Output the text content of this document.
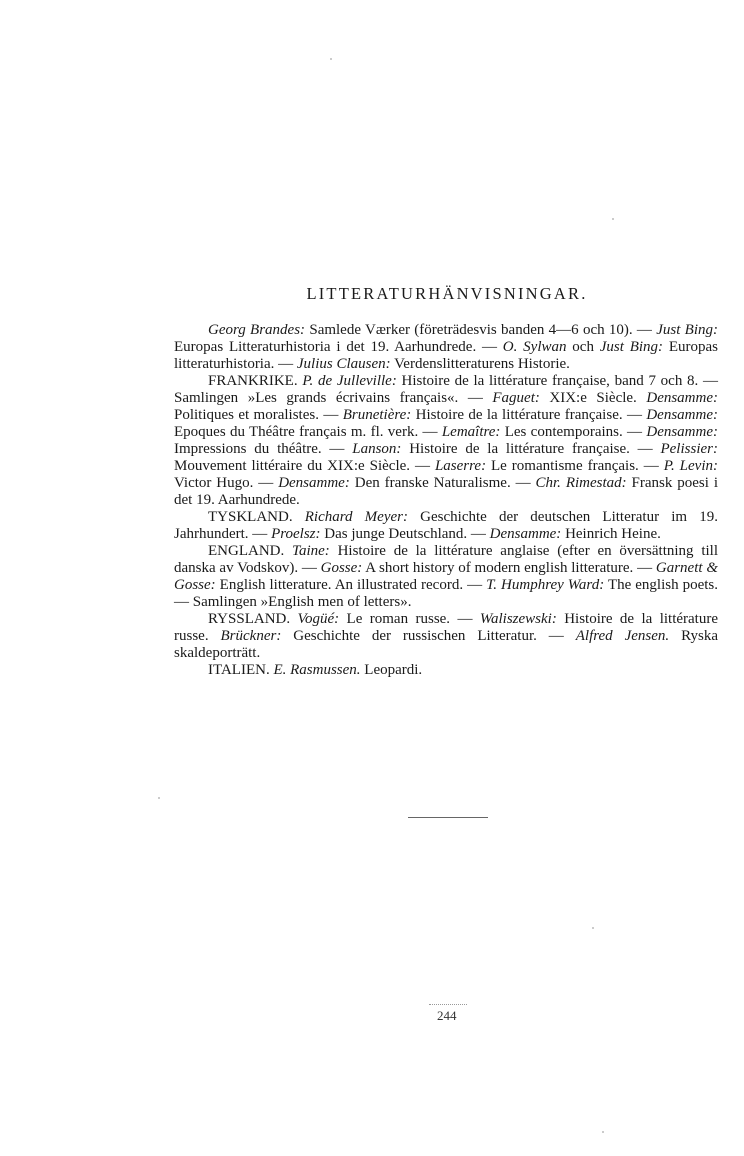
LITTERATURHÄNVISNINGAR.

Georg Brandes: Samlede Værker (företrädesvis banden 4—6 och 10). — Just Bing: Europas Litteraturhistoria i det 19. Aarhundrede. — O. Sylwan och Just Bing: Europas litteraturhistoria. — Julius Clausen: Verdenslitteraturens Historie.

FRANKRIKE. P. de Julleville: Histoire de la littérature française, band 7 och 8. — Samlingen »Les grands écrivains français«. — Faguet: XIX:e Siècle. Densamme: Politiques et moralistes. — Brunetière: Histoire de la littérature française. — Densamme: Epoques du Théâtre français m. fl. verk. — Lemaître: Les contemporains. — Densamme: Impressions du théâtre. — Lanson: Histoire de la littérature française. — Pelissier: Mouvement littéraire du XIX:e Siècle. — Laserre: Le romantisme français. — P. Levin: Victor Hugo. — Densamme: Den franske Naturalisme. — Chr. Rimestad: Fransk poesi i det 19. Aarhundrede.

TYSKLAND. Richard Meyer: Geschichte der deutschen Litteratur im 19. Jahrhundert. — Proelsz: Das junge Deutschland. — Densamme: Heinrich Heine.

ENGLAND. Taine: Histoire de la littérature anglaise (efter en översättning till danska av Vodskov). — Gosse: A short history of modern english litterature. — Garnett & Gosse: English litterature. An illustrated record. — T. Humphrey Ward: The english poets. — Samlingen »English men of letters».

RYSSLAND. Vogüé: Le roman russe. — Waliszewski: Histoire de la littérature russe. Brückner: Geschichte der russischen Litteratur. — Alfred Jensen. Ryska skaldeporträtt.

ITALIEN. E. Rasmussen. Leopardi.

244
